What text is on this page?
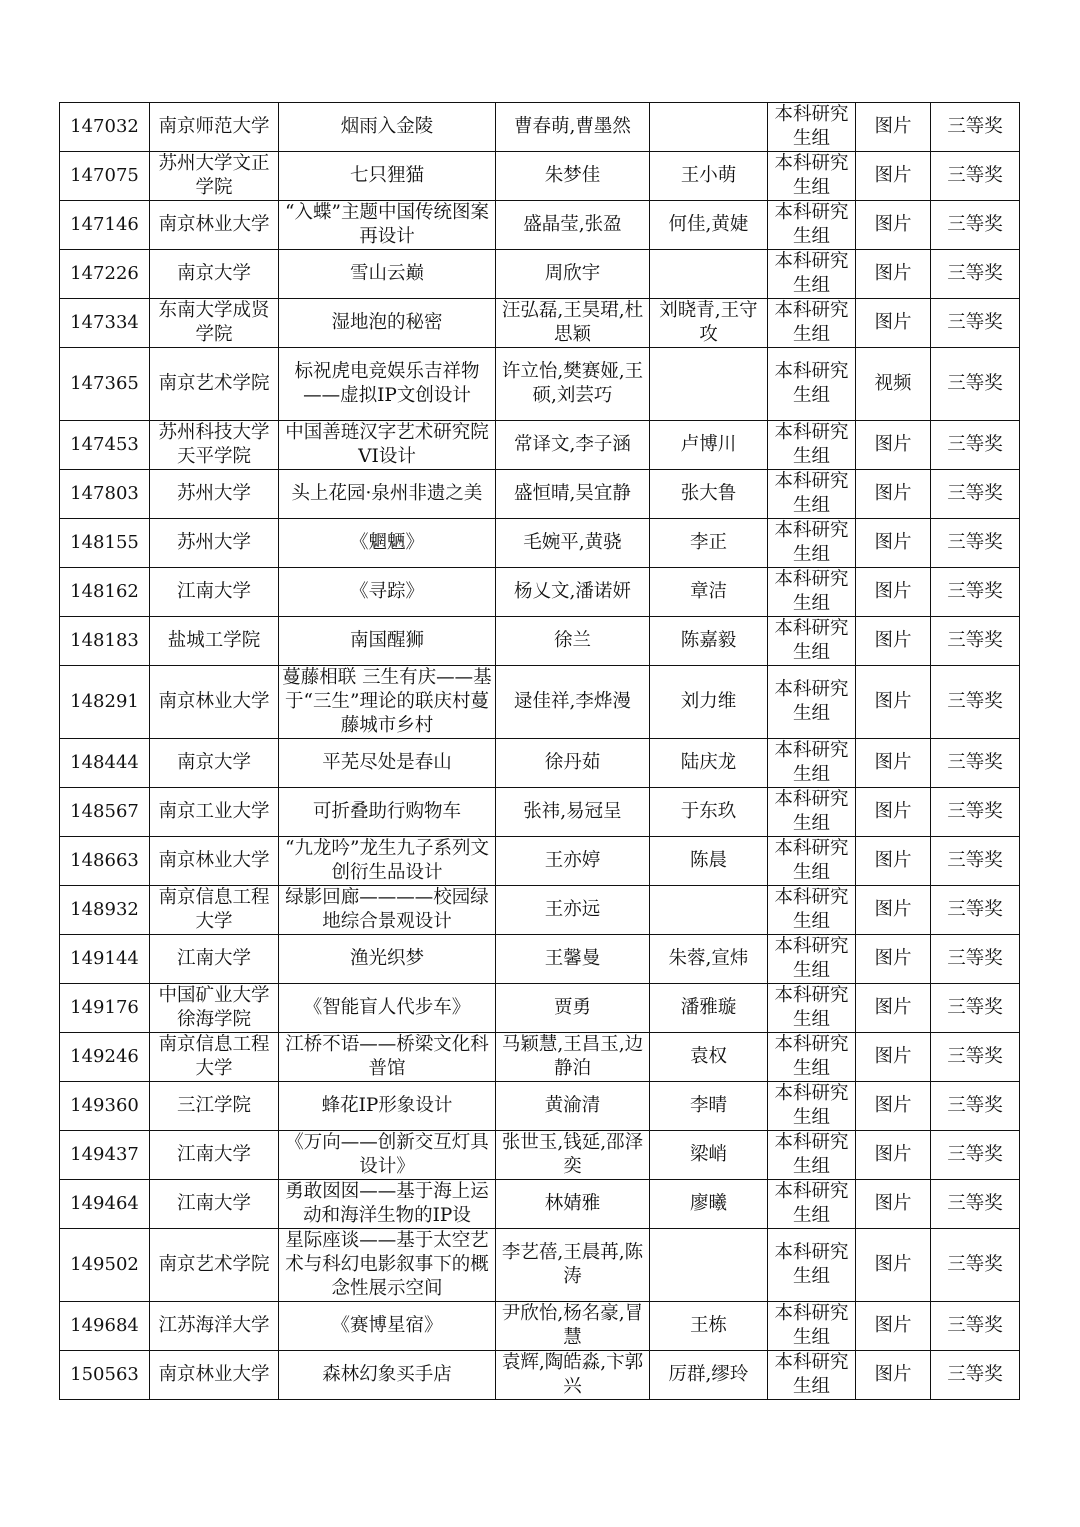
147032	南京师范大学	烟雨入金陵	曹春萌,曹墨然		本科研究生组	图片	三等奖
147075	苏州大学文正学院	七只狸猫	朱梦佳	王小萌	本科研究生组	图片	三等奖
147146	南京林业大学	“入蝶”主题中国传统图案再设计	盛晶莹,张盈	何佳,黄婕	本科研究生组	图片	三等奖
147226	南京大学	雪山云巅	周欣宇		本科研究生组	图片	三等奖
147334	东南大学成贤学院	湿地泡的秘密	汪弘磊,王昊珺,杜思颖	刘晓青,王守攻	本科研究生组	图片	三等奖
147365	南京艺术学院	标祝虎电竞娱乐吉祥物——虚拟IP文创设计	许立怡,樊赛娅,王硕,刘芸巧		本科研究生组	视频	三等奖
147453	苏州科技大学天平学院	中国善琏汉字艺术研究院VI设计	常译文,李子涵	卢博川	本科研究生组	图片	三等奖
147803	苏州大学	头上花园·泉州非遗之美	盛恒晴,吴宜静	张大鲁	本科研究生组	图片	三等奖
148155	苏州大学	《魍魉》	毛婉平,黄骁	李正	本科研究生组	图片	三等奖
148162	江南大学	《寻踪》	杨乂文,潘诺妍	章洁	本科研究生组	图片	三等奖
148183	盐城工学院	南国醒狮	徐兰	陈嘉毅	本科研究生组	图片	三等奖
148291	南京林业大学	蔓藤相联 三生有庆——基于“三生”理论的联庆村蔓藤城市乡村	逯佳祥,李烨漫	刘力维	本科研究生组	图片	三等奖
148444	南京大学	平芜尽处是春山	徐丹茹	陆庆龙	本科研究生组	图片	三等奖
148567	南京工业大学	可折叠助行购物车	张祎,易冠呈	于东玖	本科研究生组	图片	三等奖
148663	南京林业大学	“九龙吟”龙生九子系列文创衍生品设计	王亦婷	陈晨	本科研究生组	图片	三等奖
148932	南京信息工程大学	绿影回廊————校园绿地综合景观设计	王亦远		本科研究生组	图片	三等奖
149144	江南大学	渔光织梦	王馨曼	朱蓉,宣炜	本科研究生组	图片	三等奖
149176	中国矿业大学徐海学院	《智能盲人代步车》	贾勇	潘雅璇	本科研究生组	图片	三等奖
149246	南京信息工程大学	江桥不语——桥梁文化科普馆	马颖慧,王昌玉,边静泊	袁权	本科研究生组	图片	三等奖
149360	三江学院	蜂花IP形象设计	黄渝清	李晴	本科研究生组	图片	三等奖
149437	江南大学	《万向——创新交互灯具设计》	张世玉,钱延,邵泽奕	梁峭	本科研究生组	图片	三等奖
149464	江南大学	勇敢囡囡——基于海上运动和海洋生物的IP设	林婧雅	廖曦	本科研究生组	图片	三等奖
149502	南京艺术学院	星际座谈——基于太空艺术与科幻电影叙事下的概念性展示空间	李艺蓓,王晨苒,陈涛		本科研究生组	图片	三等奖
149684	江苏海洋大学	《赛博星宿》	尹欣怡,杨名豪,冒慧	王栋	本科研究生组	图片	三等奖
150563	南京林业大学	森林幻象买手店	袁辉,陶皓淼,卞郭兴	厉群,缪玲	本科研究生组	图片	三等奖
